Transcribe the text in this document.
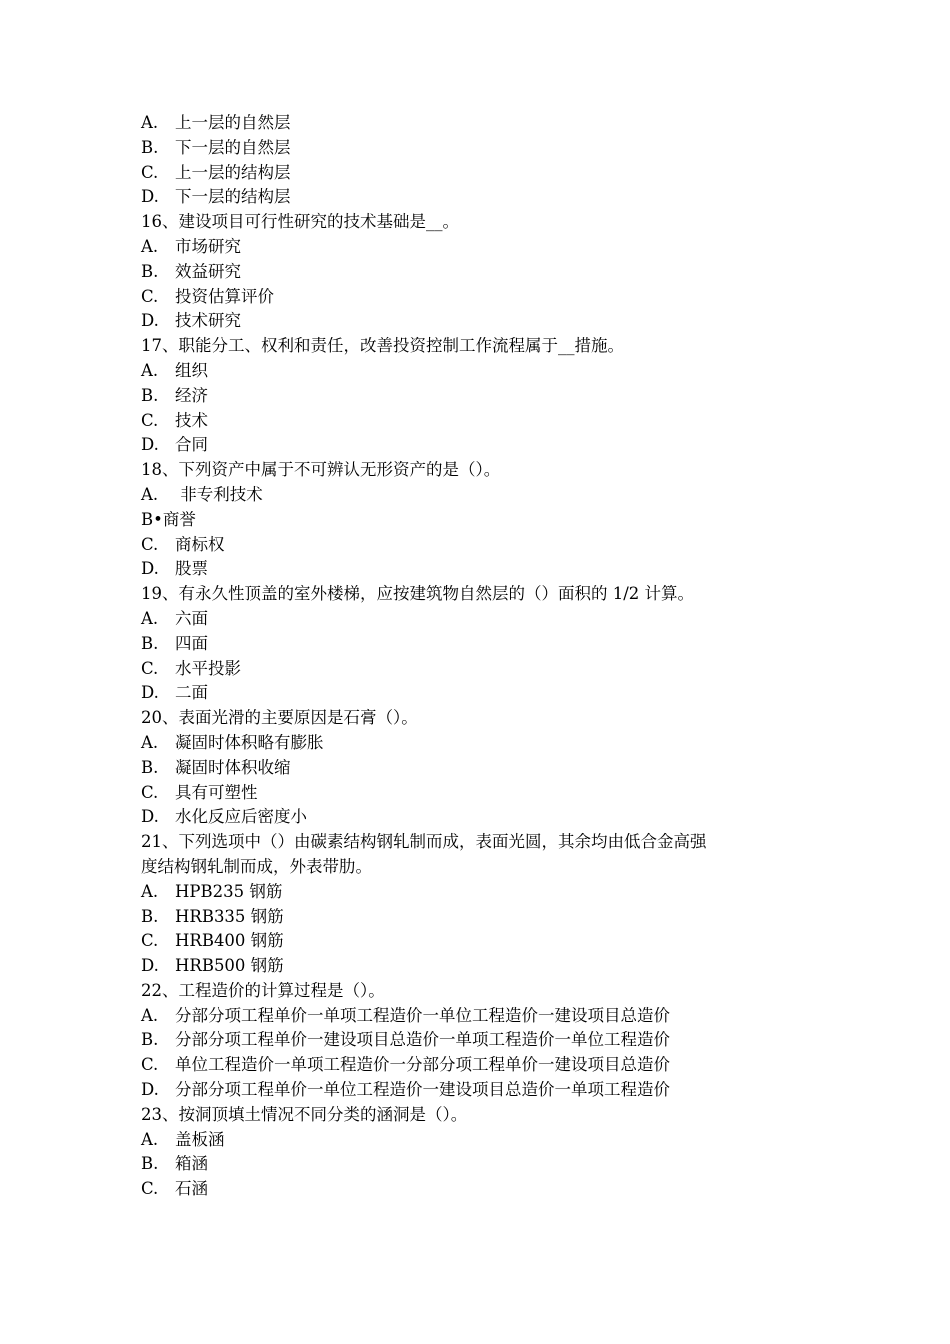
A. 上一层的自然层
B. 下一层的自然层
C. 上一层的结构层
D. 下一层的结构层
16、建设项目可行性研究的技术基础是__。
A. 市场研究
B. 效益研究
C. 投资估算评价
D. 技术研究
17、职能分工、权利和责任，改善投资控制工作流程属于__措施。
A. 组织
B. 经济
C. 技术
D. 合同
18、下列资产中属于不可辨认无形资产的是（）。
A. 非专利技术
B•商誉
C. 商标权
D. 股票
19、有永久性顶盖的室外楼梯，应按建筑物自然层的（）面积的 1/2 计算。
A. 六面
B. 四面
C. 水平投影
D. 二面
20、表面光滑的主要原因是石膏（）。
A. 凝固时体积略有膨胀
B. 凝固时体积收缩
C. 具有可塑性
D. 水化反应后密度小
21、下列选项中（）由碳素结构钢轧制而成，表面光圆，其余均由低合金高强
度结构钢轧制而成，外表带肋。
A. HPB235 钢筋
B. HRB335 钢筋
C. HRB400 钢筋
D. HRB500 钢筋
22、工程造价的计算过程是（）。
A. 分部分项工程单价一单项工程造价一单位工程造价一建设项目总造价
B. 分部分项工程单价一建设项目总造价一单项工程造价一单位工程造价
C. 单位工程造价一单项工程造价一分部分项工程单价一建设项目总造价
D. 分部分项工程单价一单位工程造价一建设项目总造价一单项工程造价
23、按洞顶填土情况不同分类的涵洞是（）。
A. 盖板涵
B. 箱涵
C. 石涵
